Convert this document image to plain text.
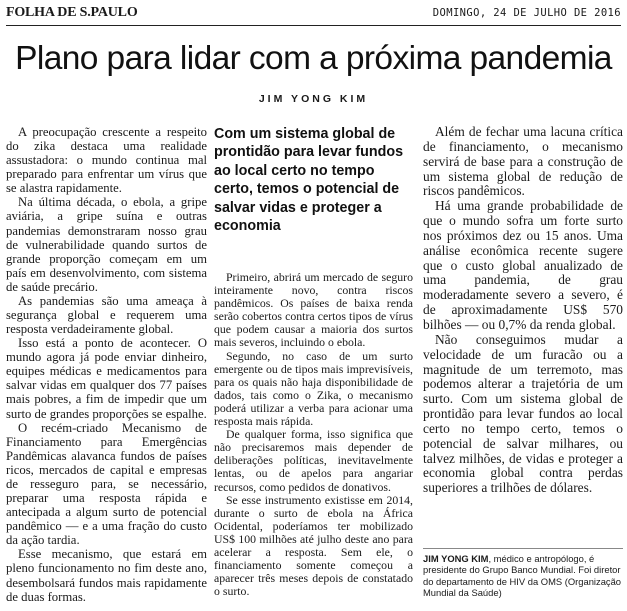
FOLHA DE S.PAULO	DOMINGO, 24 DE JULHO DE 2016
Plano para lidar com a próxima pandemia
JIM YONG KIM

A preocupação crescente a respeito do zika destaca uma realidade assustadora: o mundo continua mal preparado para enfrentar um vírus que se alastra rapidamente.

Na última década, o ebola, a gripe aviária, a gripe suína e outras pandemias demonstraram nosso grau de vulnerabilidade quando surtos de grande proporção começam em um país em desenvolvimento, com sistema de saúde precário.

As pandemias são uma ameaça à segurança global e requerem uma resposta verdadeiramente global.

Isso está a ponto de acontecer. O mundo agora já pode enviar dinheiro, equipes médicas e medicamentos para salvar vidas em qualquer dos 77 países mais pobres, a fim de impedir que um surto de grandes proporções se espalhe.

O recém-criado Mecanismo de Financiamento para Emergências Pandêmicas alavanca fundos de países ricos, mercados de capital e empresas de resseguro para, se necessário, preparar uma resposta rápida e antecipada a algum surto de potencial pandêmico — e a uma fração do custo da ação tardia.

Esse mecanismo, que estará em pleno funcionamento no fim deste ano, desembolsará fundos mais rapidamente de duas formas.

Com um sistema global de prontidão para levar fundos ao local certo no tempo certo, temos o potencial de salvar vidas e proteger a economia

Primeiro, abrirá um mercado de seguro inteiramente novo, contra riscos pandêmicos. Os países de baixa renda serão cobertos contra certos tipos de vírus que podem causar a maioria dos surtos mais severos, incluindo o ebola.

Segundo, no caso de um surto emergente ou de tipos mais imprevisíveis, para os quais não haja disponibilidade de dados, tais como o Zika, o mecanismo poderá utilizar a verba para acionar uma resposta mais rápida.

De qualquer forma, isso significa que não precisaremos mais depender de deliberações políticas, inevitavelmente lentas, ou de apelos para angariar recursos, como pedidos de donativos.

Se esse instrumento existisse em 2014, durante o surto de ebola na África Ocidental, poderíamos ter mobilizado US$ 100 milhões até julho deste ano para acelerar a resposta. Sem ele, o financiamento somente começou a aparecer três meses depois de constatado o surto.

Além de fechar uma lacuna crítica de financiamento, o mecanismo servirá de base para a construção de um sistema global de redução de riscos pandêmicos.

Há uma grande probabilidade de que o mundo sofra um forte surto nos próximos dez ou 15 anos. Uma análise econômica recente sugere que o custo global anualizado de uma pandemia, de grau moderadamente severo a severo, é de aproximadamente US$ 570 bilhões — ou 0,7% da renda global.

Não conseguimos mudar a velocidade de um furacão ou a magnitude de um terremoto, mas podemos alterar a trajetória de um surto. Com um sistema global de prontidão para levar fundos ao local certo no tempo certo, temos o potencial de salvar milhares, ou talvez milhões, de vidas e proteger a economia global contra perdas superiores a trilhões de dólares.

JIM YONG KIM, médico e antropólogo, é presidente do Grupo Banco Mundial. Foi diretor do departamento de HIV da OMS (Organização Mundial da Saúde)
